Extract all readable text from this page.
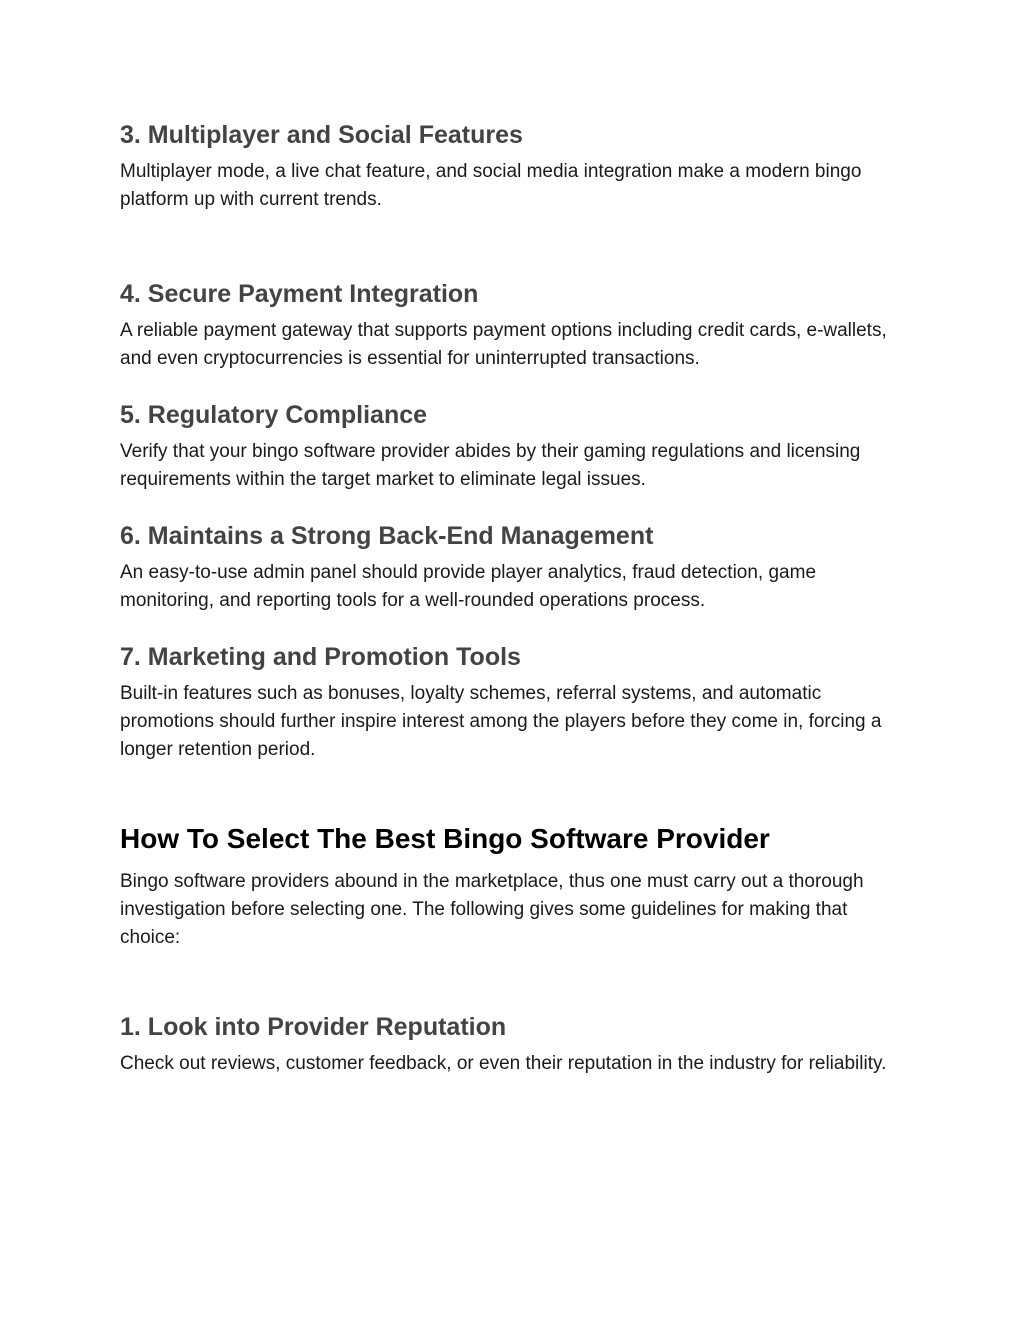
3. Multiplayer and Social Features

Multiplayer mode, a live chat feature, and social media integration make a modern bingo platform up with current trends.

4. Secure Payment Integration

A reliable payment gateway that supports payment options including credit cards, e-wallets, and even cryptocurrencies is essential for uninterrupted transactions.

5. Regulatory Compliance

Verify that your bingo software provider abides by their gaming regulations and licensing requirements within the target market to eliminate legal issues.

6. Maintains a Strong Back-End Management

An easy-to-use admin panel should provide player analytics, fraud detection, game monitoring, and reporting tools for a well-rounded operations process.

7. Marketing and Promotion Tools

Built-in features such as bonuses, loyalty schemes, referral systems, and automatic promotions should further inspire interest among the players before they come in, forcing a longer retention period.

How To Select The Best Bingo Software Provider

Bingo software providers abound in the marketplace, thus one must carry out a thorough investigation before selecting one. The following gives some guidelines for making that choice:

1. Look into Provider Reputation

Check out reviews, customer feedback, or even their reputation in the industry for reliability.
